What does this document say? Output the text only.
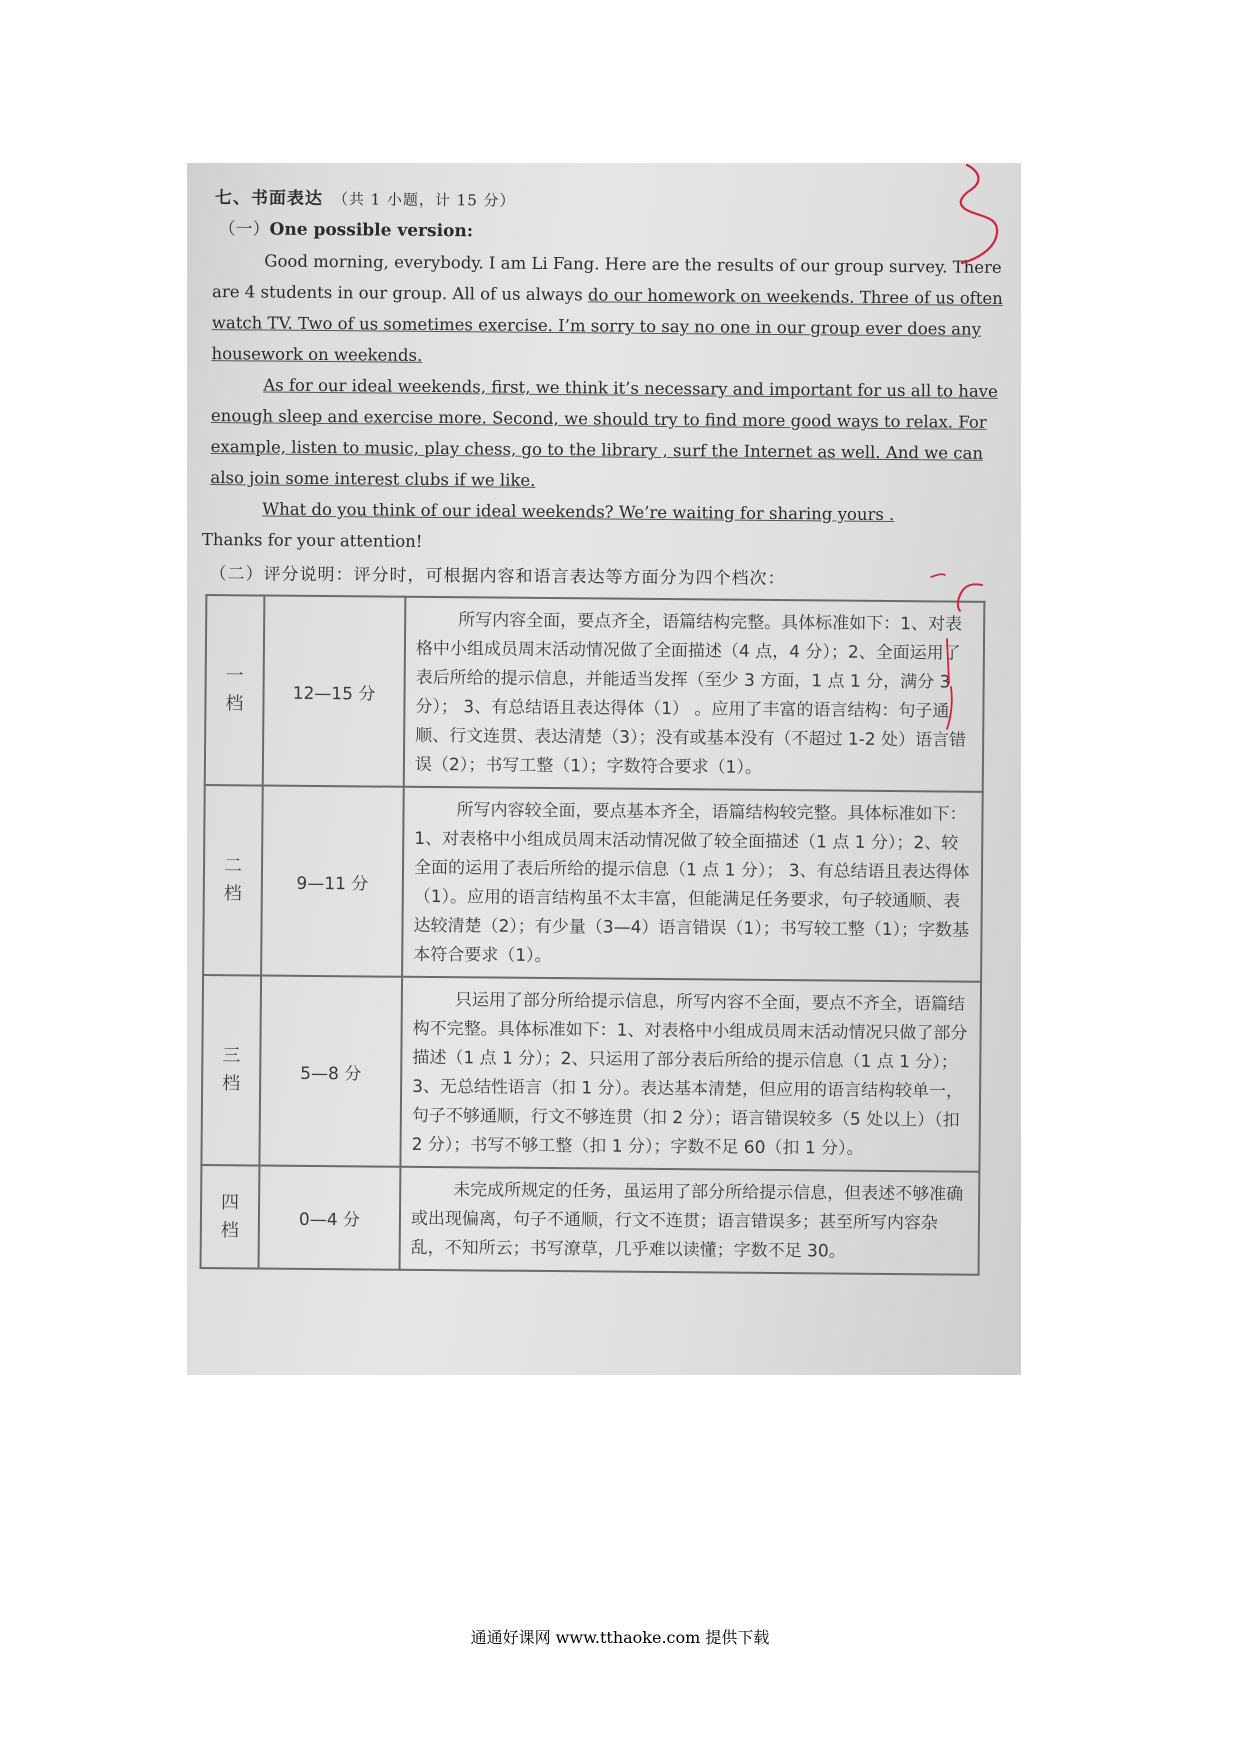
七、书面表达 （共 1 小题，计 15 分）
（一）One possible version:

Good morning, everybody. I am Li Fang. Here are the results of our group survey. There are 4 students in our group. All of us always do our homework on weekends. Three of us often watch TV. Two of us sometimes exercise. I’m sorry to say no one in our group ever does any housework on weekends.

As for our ideal weekends, first, we think it’s necessary and important for us all to have enough sleep and exercise more. Second, we should try to find more good ways to relax. For example, listen to music, play chess, go to the library , surf the Internet as well. And we can also join some interest clubs if we like.

What do you think of our ideal weekends? We’re waiting for sharing yours .

Thanks for your attention!
（二）评分说明：评分时，可根据内容和语言表达等方面分为四个档次：
一档	12—15 分	所写内容全面，要点齐全，语篇结构完整。具体标准如下：1、对表格中小组成员周末活动情况做了全面描述（4 点，4 分）；2、全面运用了表后所给的提示信息，并能适当发挥（至少 3 方面，1 点 1 分，满分 3 分）； 3、有总结语且表达得体（1） 。应用了丰富的语言结构：句子通顺、行文连贯、表达清楚（3）；没有或基本没有（不超过 1-2 处）语言错误（2）；书写工整（1）；字数符合要求（1）。

二档	9—11 分	所写内容较全面，要点基本齐全，语篇结构较完整。具体标准如下：1、对表格中小组成员周末活动情况做了较全面描述（1 点 1 分）；2、较全面的运用了表后所给的提示信息（1 点 1 分）； 3、有总结语且表达得体（1）。应用的语言结构虽不太丰富，但能满足任务要求，句子较通顺、表达较清楚（2）；有少量（3—4）语言错误（1）；书写较工整（1）；字数基本符合要求（1）。

三档	5—8 分	只运用了部分所给提示信息，所写内容不全面，要点不齐全，语篇结构不完整。具体标准如下：1、对表格中小组成员周末活动情况只做了部分描述（1 点 1 分）；2、只运用了部分表后所给的提示信息（1 点 1 分）； 3、无总结性语言（扣 1 分）。表达基本清楚，但应用的语言结构较单一，句子不够通顺，行文不够连贯（扣 2 分）；语言错误较多（5 处以上）（扣 2 分）；书写不够工整（扣 1 分）；字数不足 60（扣 1 分）。

四档	0—4 分	未完成所规定的任务，虽运用了部分所给提示信息，但表述不够准确或出现偏离，句子不通顺，行文不连贯；语言错误多；甚至所写内容杂乱，不知所云；书写潦草，几乎难以读懂；字数不足 30。
通通好课网 www.tthaoke.com 提供下载
